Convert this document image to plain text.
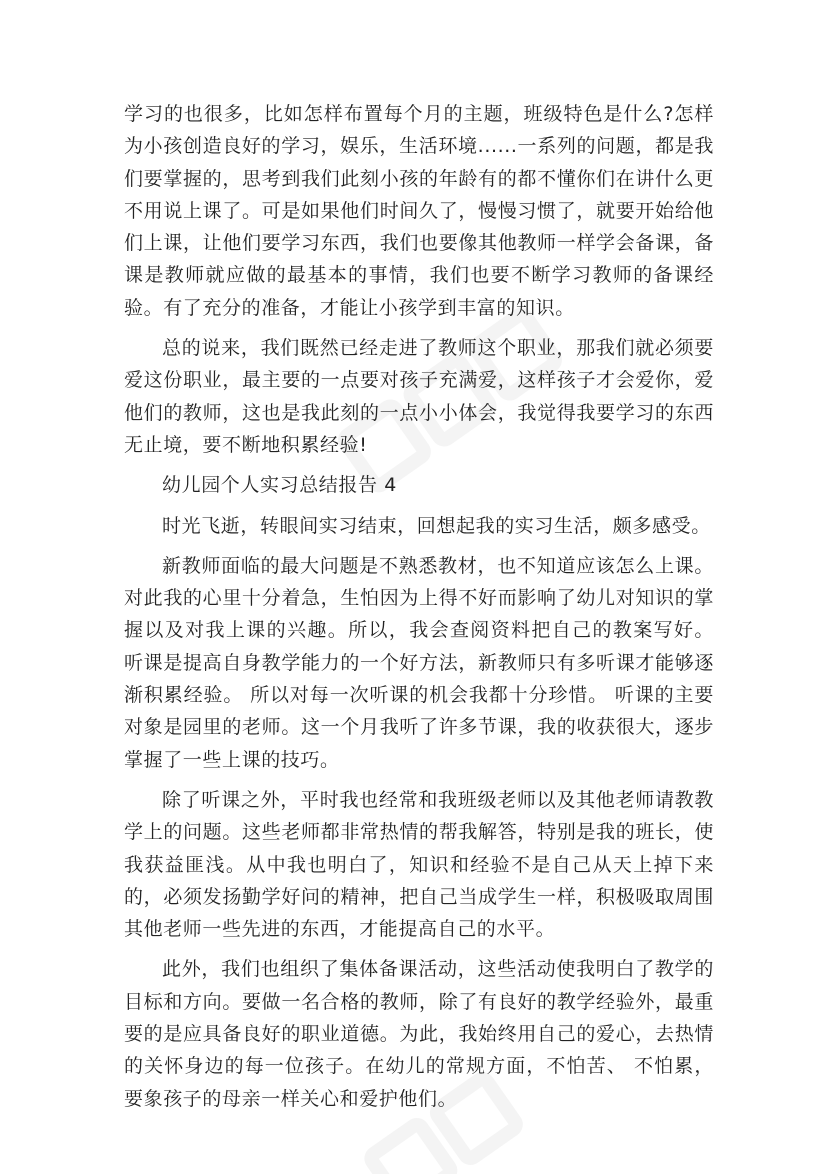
学习的也很多，比如怎样布置每个月的主题，班级特色是什么?怎样为小孩创造良好的学习，娱乐，生活环境......一系列的问题，都是我们要掌握的，思考到我们此刻小孩的年龄有的都不懂你们在讲什么更不用说上课了。可是如果他们时间久了，慢慢习惯了，就要开始给他们上课，让他们要学习东西，我们也要像其他教师一样学会备课，备课是教师就应做的最基本的事情，我们也要不断学习教师的备课经验。有了充分的准备，才能让小孩学到丰富的知识。

总的说来，我们既然已经走进了教师这个职业，那我们就必须要爱这份职业，最主要的一点要对孩子充满爱，这样孩子才会爱你，爱他们的教师，这也是我此刻的一点小小体会，我觉得我要学习的东西无止境，要不断地积累经验!

幼儿园个人实习总结报告 4

时光飞逝，转眼间实习结束，回想起我的实习生活，颇多感受。

新教师面临的最大问题是不熟悉教材，也不知道应该怎么上课。对此我的心里十分着急，生怕因为上得不好而影响了幼儿对知识的掌握以及对我上课的兴趣。所以，我会查阅资料把自己的教案写好。 听课是提高自身教学能力的一个好方法，新教师只有多听课才能够逐渐积累经验。 所以对每一次听课的机会我都十分珍惜。 听课的主要对象是园里的老师。这一个月我听了许多节课，我的收获很大，逐步掌握了一些上课的技巧。

除了听课之外，平时我也经常和我班级老师以及其他老师请教教学上的问题。这些老师都非常热情的帮我解答，特别是我的班长，使我获益匪浅。从中我也明白了，知识和经验不是自己从天上掉下来的，必须发扬勤学好问的精神，把自己当成学生一样，积极吸取周围其他老师一些先进的东西，才能提高自己的水平。

此外，我们也组织了集体备课活动，这些活动使我明白了教学的目标和方向。要做一名合格的教师，除了有良好的教学经验外，最重要的是应具备良好的职业道德。为此，我始终用自己的爱心，去热情的关怀身边的每一位孩子。在幼儿的常规方面，不怕苦、 不怕累，要象孩子的母亲一样关心和爱护他们。
